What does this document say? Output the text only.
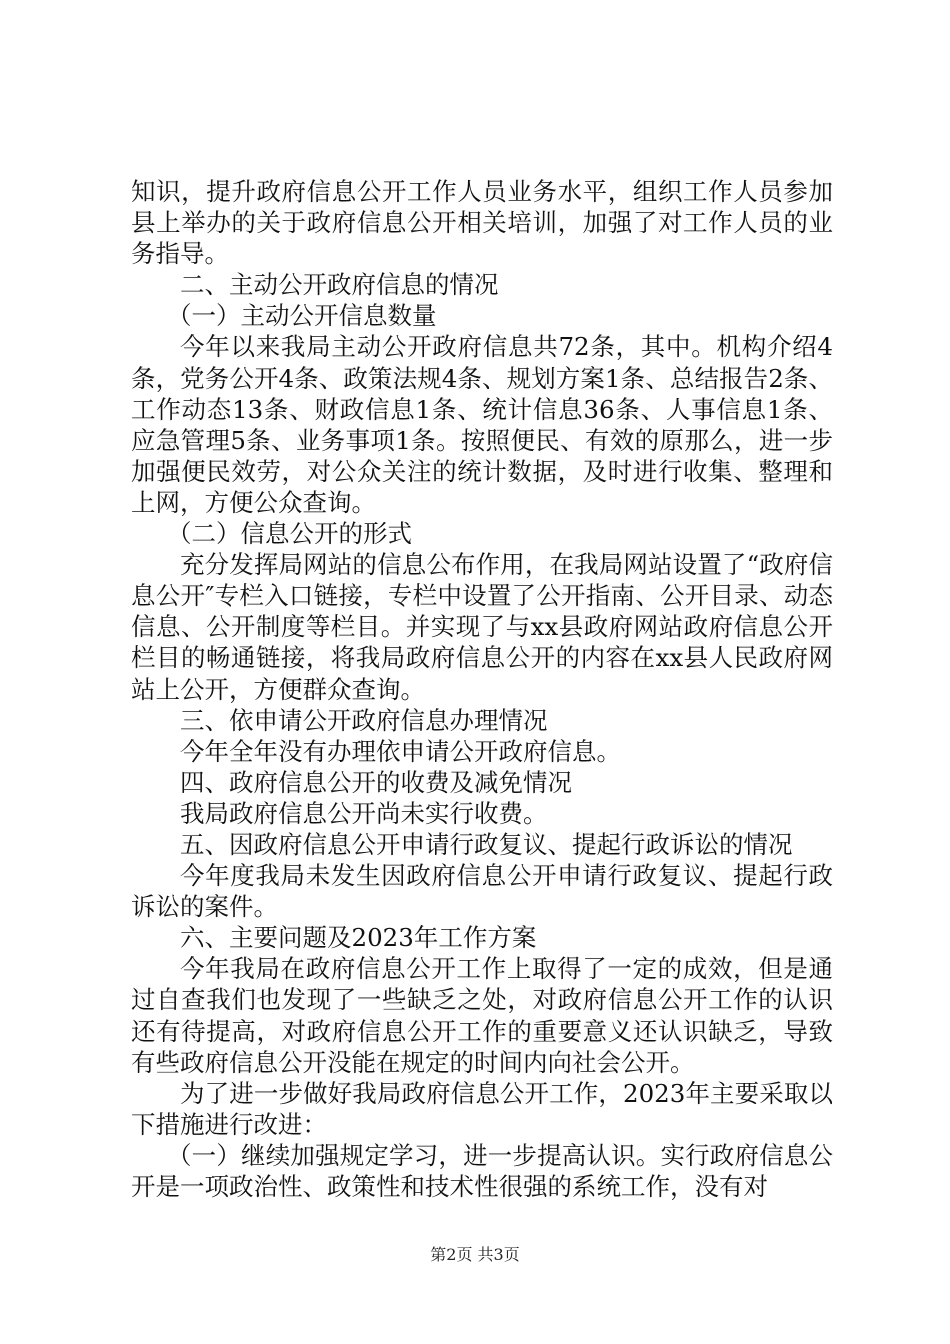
知识，提升政府信息公开工作人员业务水平，组织工作人员参加县上举办的关于政府信息公开相关培训，加强了对工作人员的业务指导。

二、主动公开政府信息的情况

（一）主动公开信息数量

今年以来我局主动公开政府信息共72条，其中。机构介绍4条，党务公开4条、政策法规4条、规划方案1条、总结报告2条、工作动态13条、财政信息1条、统计信息36条、人事信息1条、应急管理5条、业务事项1条。按照便民、有效的原那么，进一步加强便民效劳，对公众关注的统计数据，及时进行收集、整理和上网，方便公众查询。

（二）信息公开的形式

充分发挥局网站的信息公布作用，在我局网站设置了“政府信息公开″专栏入口链接，专栏中设置了公开指南、公开目录、动态信息、公开制度等栏目。并实现了与xx县政府网站政府信息公开栏目的畅通链接，将我局政府信息公开的内容在xx县人民政府网站上公开，方便群众查询。

三、依申请公开政府信息办理情况

今年全年没有办理依申请公开政府信息。

四、政府信息公开的收费及减免情况

我局政府信息公开尚未实行收费。

五、因政府信息公开申请行政复议、提起行政诉讼的情况

今年度我局未发生因政府信息公开申请行政复议、提起行政诉讼的案件。

六、主要问题及2023年工作方案

今年我局在政府信息公开工作上取得了一定的成效，但是通过自查我们也发现了一些缺乏之处，对政府信息公开工作的认识还有待提高，对政府信息公开工作的重要意义还认识缺乏，导致有些政府信息公开没能在规定的时间内向社会公开。

为了进一步做好我局政府信息公开工作，2023年主要采取以下措施进行改进：

（一）继续加强规定学习，进一步提高认识。实行政府信息公开是一项政治性、政策性和技术性很强的系统工作，没有对

第2页 共3页
